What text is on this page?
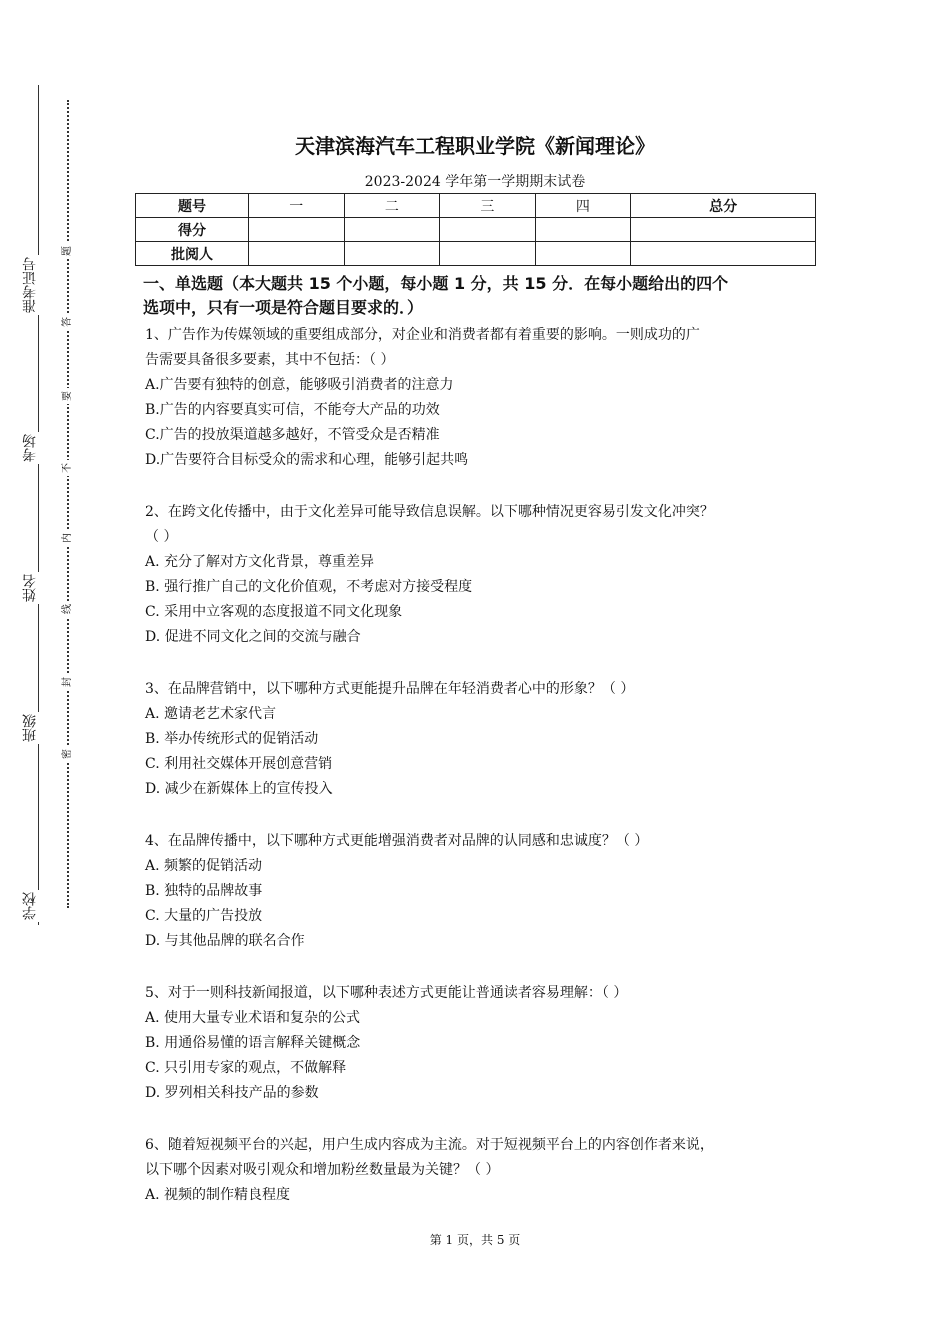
准考证号
考场
姓名
班级
学校
题
答
要
不
内
线
封
密
天津滨海汽车工程职业学院《新闻理论》
2023-2024 学年第一学期期末试卷
题号	一	二	三	四	总分
得分					
批阅人					
一、单选题（本大题共 15 个小题，每小题 1 分，共 15 分．在每小题给出的四个
选项中，只有一项是符合题目要求的．）
1、广告作为传媒领域的重要组成部分，对企业和消费者都有着重要的影响。一则成功的广
告需要具备很多要素，其中不包括：（ ）
A.广告要有独特的创意，能够吸引消费者的注意力
B.广告的内容要真实可信，不能夸大产品的功效
C.广告的投放渠道越多越好，不管受众是否精准
D.广告要符合目标受众的需求和心理，能够引起共鸣
2、在跨文化传播中，由于文化差异可能导致信息误解。以下哪种情况更容易引发文化冲突？
（ ）
A. 充分了解对方文化背景，尊重差异
B. 强行推广自己的文化价值观，不考虑对方接受程度
C. 采用中立客观的态度报道不同文化现象
D. 促进不同文化之间的交流与融合
3、在品牌营销中，以下哪种方式更能提升品牌在年轻消费者心中的形象？（ ）
A. 邀请老艺术家代言
B. 举办传统形式的促销活动
C. 利用社交媒体开展创意营销
D. 减少在新媒体上的宣传投入
4、在品牌传播中，以下哪种方式更能增强消费者对品牌的认同感和忠诚度？（ ）
A. 频繁的促销活动
B. 独特的品牌故事
C. 大量的广告投放
D. 与其他品牌的联名合作
5、对于一则科技新闻报道，以下哪种表述方式更能让普通读者容易理解：（ ）
A. 使用大量专业术语和复杂的公式
B. 用通俗易懂的语言解释关键概念
C. 只引用专家的观点，不做解释
D. 罗列相关科技产品的参数
6、随着短视频平台的兴起，用户生成内容成为主流。对于短视频平台上的内容创作者来说，
以下哪个因素对吸引观众和增加粉丝数量最为关键？（ ）
A. 视频的制作精良程度
第 1 页，共 5 页
